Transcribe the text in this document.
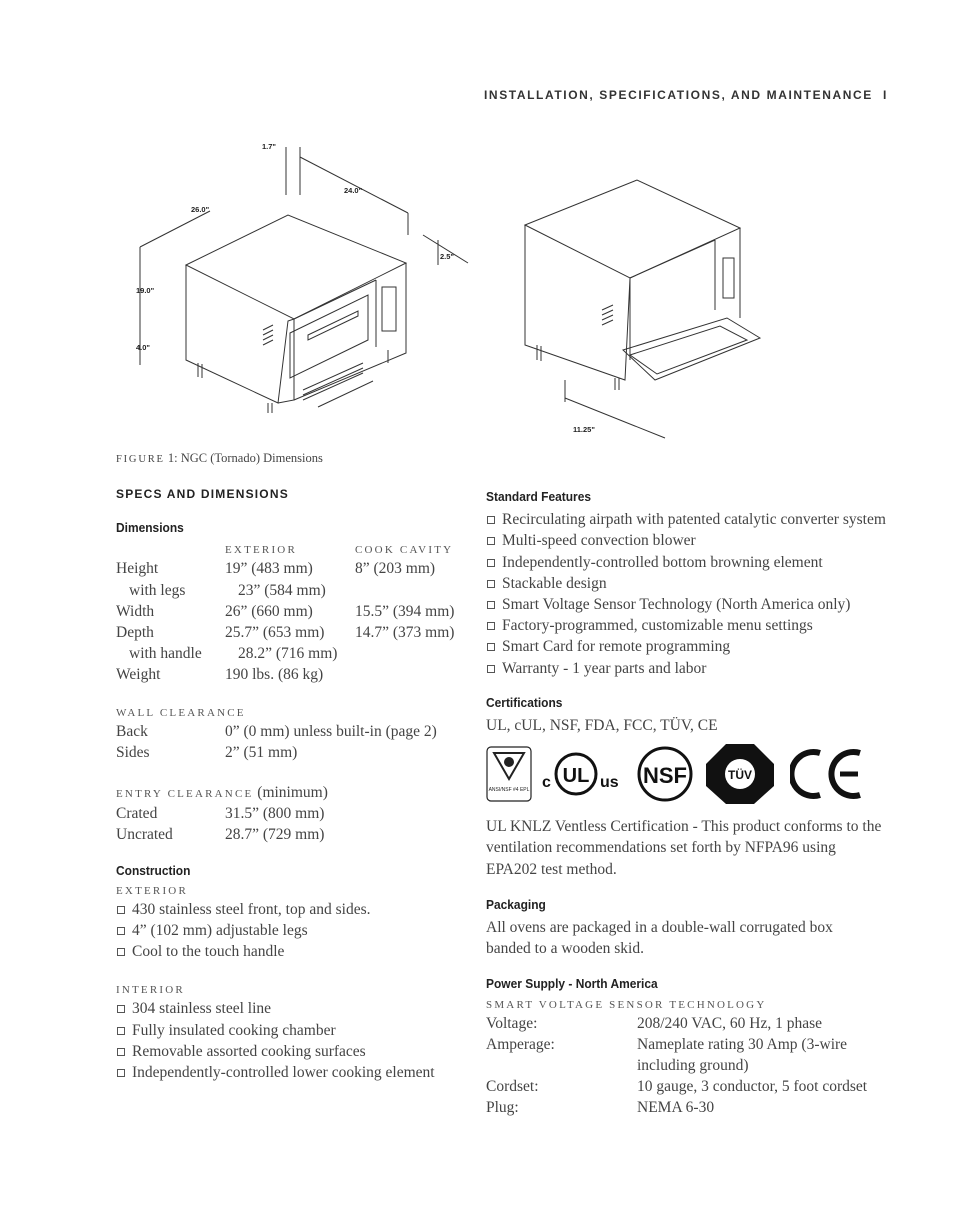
INSTALLATION, SPECIFICATIONS, AND MAINTENANCE I
1.7"
24.0"
26.0"
2.5"
19.0"
4.0"
11.25"
FIGURE 1: NGC (Tornado) Dimensions
SPECS AND DIMENSIONS
Dimensions
EXTERIOR	COOK CAVITY
Height	19” (483 mm)	8” (203 mm)
with legs	23” (584 mm)
Width	26” (660 mm)	15.5” (394 mm)
Depth	25.7” (653 mm)	14.7” (373 mm)
with handle	28.2” (716 mm)
Weight	190 lbs. (86 kg)
WALL CLEARANCE
Back	0” (0 mm) unless built-in (page 2)
Sides	2” (51 mm)
ENTRY CLEARANCE (minimum)
Crated	31.5” (800 mm)
Uncrated	28.7” (729 mm)
Construction
EXTERIOR
430 stainless steel front, top and sides.
4” (102 mm) adjustable legs
Cool to the touch handle
INTERIOR
304 stainless steel line
Fully insulated cooking chamber
Removable assorted cooking surfaces
Independently-controlled lower cooking element
Standard Features
Recirculating airpath with patented catalytic converter system
Multi-speed convection blower
Independently-controlled bottom browning element
Stackable design
Smart Voltage Sensor Technology (North America only)
Factory-programmed, customizable menu settings
Smart Card for remote programming
Warranty - 1 year parts and labor
Certifications
UL, cUL, NSF, FDA, FCC, TÜV, CE
ANSI/NSF #4 EPL c UL us NSF	TÜV
CE
UL KNLZ Ventless Certification - This product conforms to the ventilation recommendations set forth by NFPA96 using EPA202 test method.
Packaging
All ovens are packaged in a double-wall corrugated box banded to a wooden skid.
Power Supply - North America
SMART VOLTAGE SENSOR TECHNOLOGY
Voltage:	208/240 VAC, 60 Hz, 1 phase
Amperage:	Nameplate rating 30 Amp (3-wire including ground)
Cordset:	10 gauge, 3 conductor, 5 foot cordset
Plug:	NEMA 6-30
